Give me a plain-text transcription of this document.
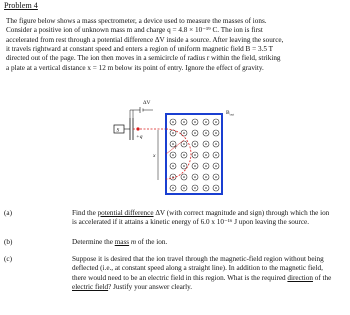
Problem 4

The figure below shows a mass spectrometer, a device used to measure the masses of ions.

Consider a positive ion of unknown mass m and charge q = 4.8 × 10⁻¹⁹ C. The ion is first

accelerated from rest through a potential difference ΔV inside a source. After leaving the source,

it travels rightward at constant speed and enters a region of uniform magnetic field B = 3.5 T

directed out of the page. The ion then moves in a semicircle of radius r within the field, striking

a plate at a vertical distance x = 12 m below its point of entry. Ignore the effect of gravity.

S
ΔV
+q
x
r
$B_{out}$
(a)	Find the potential difference ΔV (with correct magnitude and sign) through which the ion
is accelerated if it attains a kinetic energy of 6.0 x 10⁻¹⁶ J upon leaving the source.
(b)	Determine the mass m of the ion.
(c)	Suppose it is desired that the ion travel through the magnetic-field region without being
deflected (i.e., at constant speed along a straight line). In addition to the magnetic field,
there would need to be an electric field in this region. What is the required direction of the
electric field? Justify your answer clearly.
